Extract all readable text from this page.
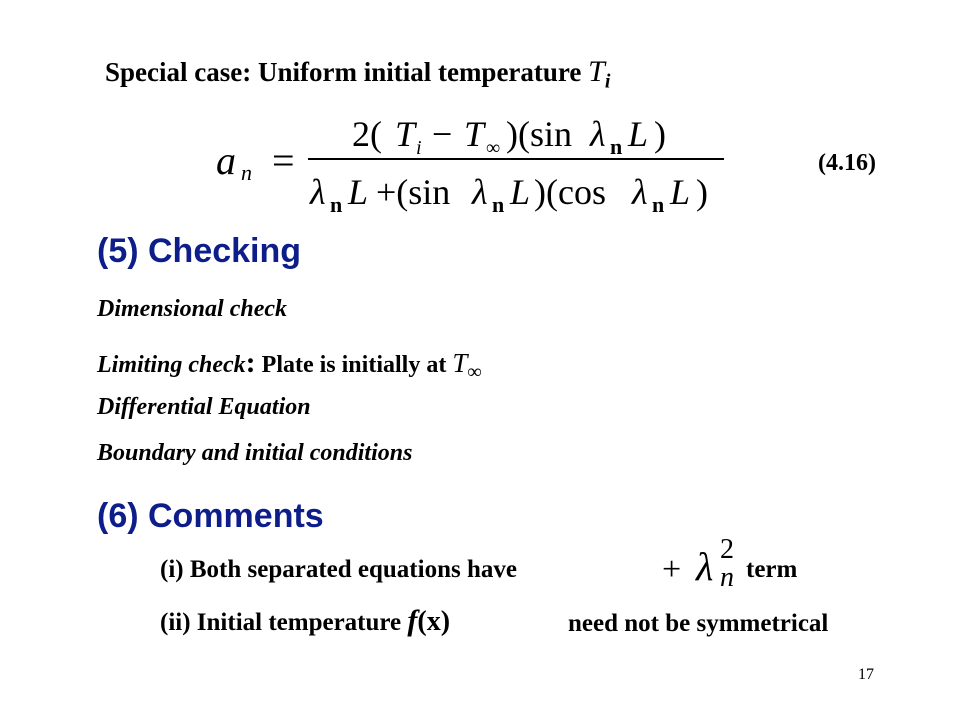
Special case: Uniform initial temperature $T_i$
a n =
2( T i − T ∞ )(sin λ n L )
λ n L +(sin λ n L )(cos λ n L )
(4.16)
(5) Checking
Dimensional check
Limiting check: Plate is initially at $T_\infty$
Differential Equation
Boundary and initial conditions
(6) Comments
(i) Both separated equations have	+ λ 2
n term
(ii) Initial temperature f(x)	need not be symmetrical
17
